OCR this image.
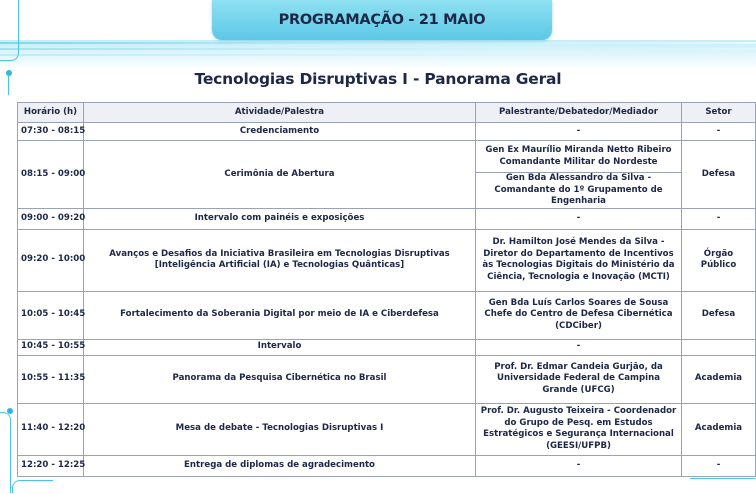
PROGRAMAÇÃO - 21 MAIO
Tecnologias Disruptivas I - Panorama Geral
Horário (h)	Atividade/Palestra	Palestrante/Debatedor/Mediador	Setor
07:30 - 08:15	Credenciamento	-	-
08:15 - 09:00	Cerimônia de Abertura	Gen Ex Maurílio Miranda Netto Ribeiro Comandante Militar do Nordeste	Defesa
		Gen Bda Alessandro da Silva - Comandante do 1º Grupamento de Engenharia	
09:00 - 09:20	Intervalo com painéis e exposições	-	-
09:20 - 10:00	Avanços e Desafios da Iniciativa Brasileira em Tecnologias Disruptivas [Inteligência Artificial (IA) e Tecnologias Quânticas]	Dr. Hamilton José Mendes da Silva - Diretor do Departamento de Incentivos às Tecnologias Digitais do Ministério da Ciência, Tecnologia e Inovação (MCTI)	Órgão Público
10:05 - 10:45	Fortalecimento da Soberania Digital por meio de IA e Ciberdefesa	Gen Bda Luís Carlos Soares de Sousa Chefe do Centro de Defesa Cibernética (CDCiber)	Defesa
10:45 - 10:55	Intervalo	-	
10:55 - 11:35	Panorama da Pesquisa Cibernética no Brasil	Prof. Dr. Edmar Candeia Gurjão, da Universidade Federal de Campina Grande (UFCG)	Academia
11:40 - 12:20	Mesa de debate - Tecnologias Disruptivas I	Prof. Dr. Augusto Teixeira - Coordenador do Grupo de Pesq. em Estudos Estratégicos e Segurança Internacional (GEESI/UFPB)	Academia
12:20 - 12:25	Entrega de diplomas de agradecimento	-	-
